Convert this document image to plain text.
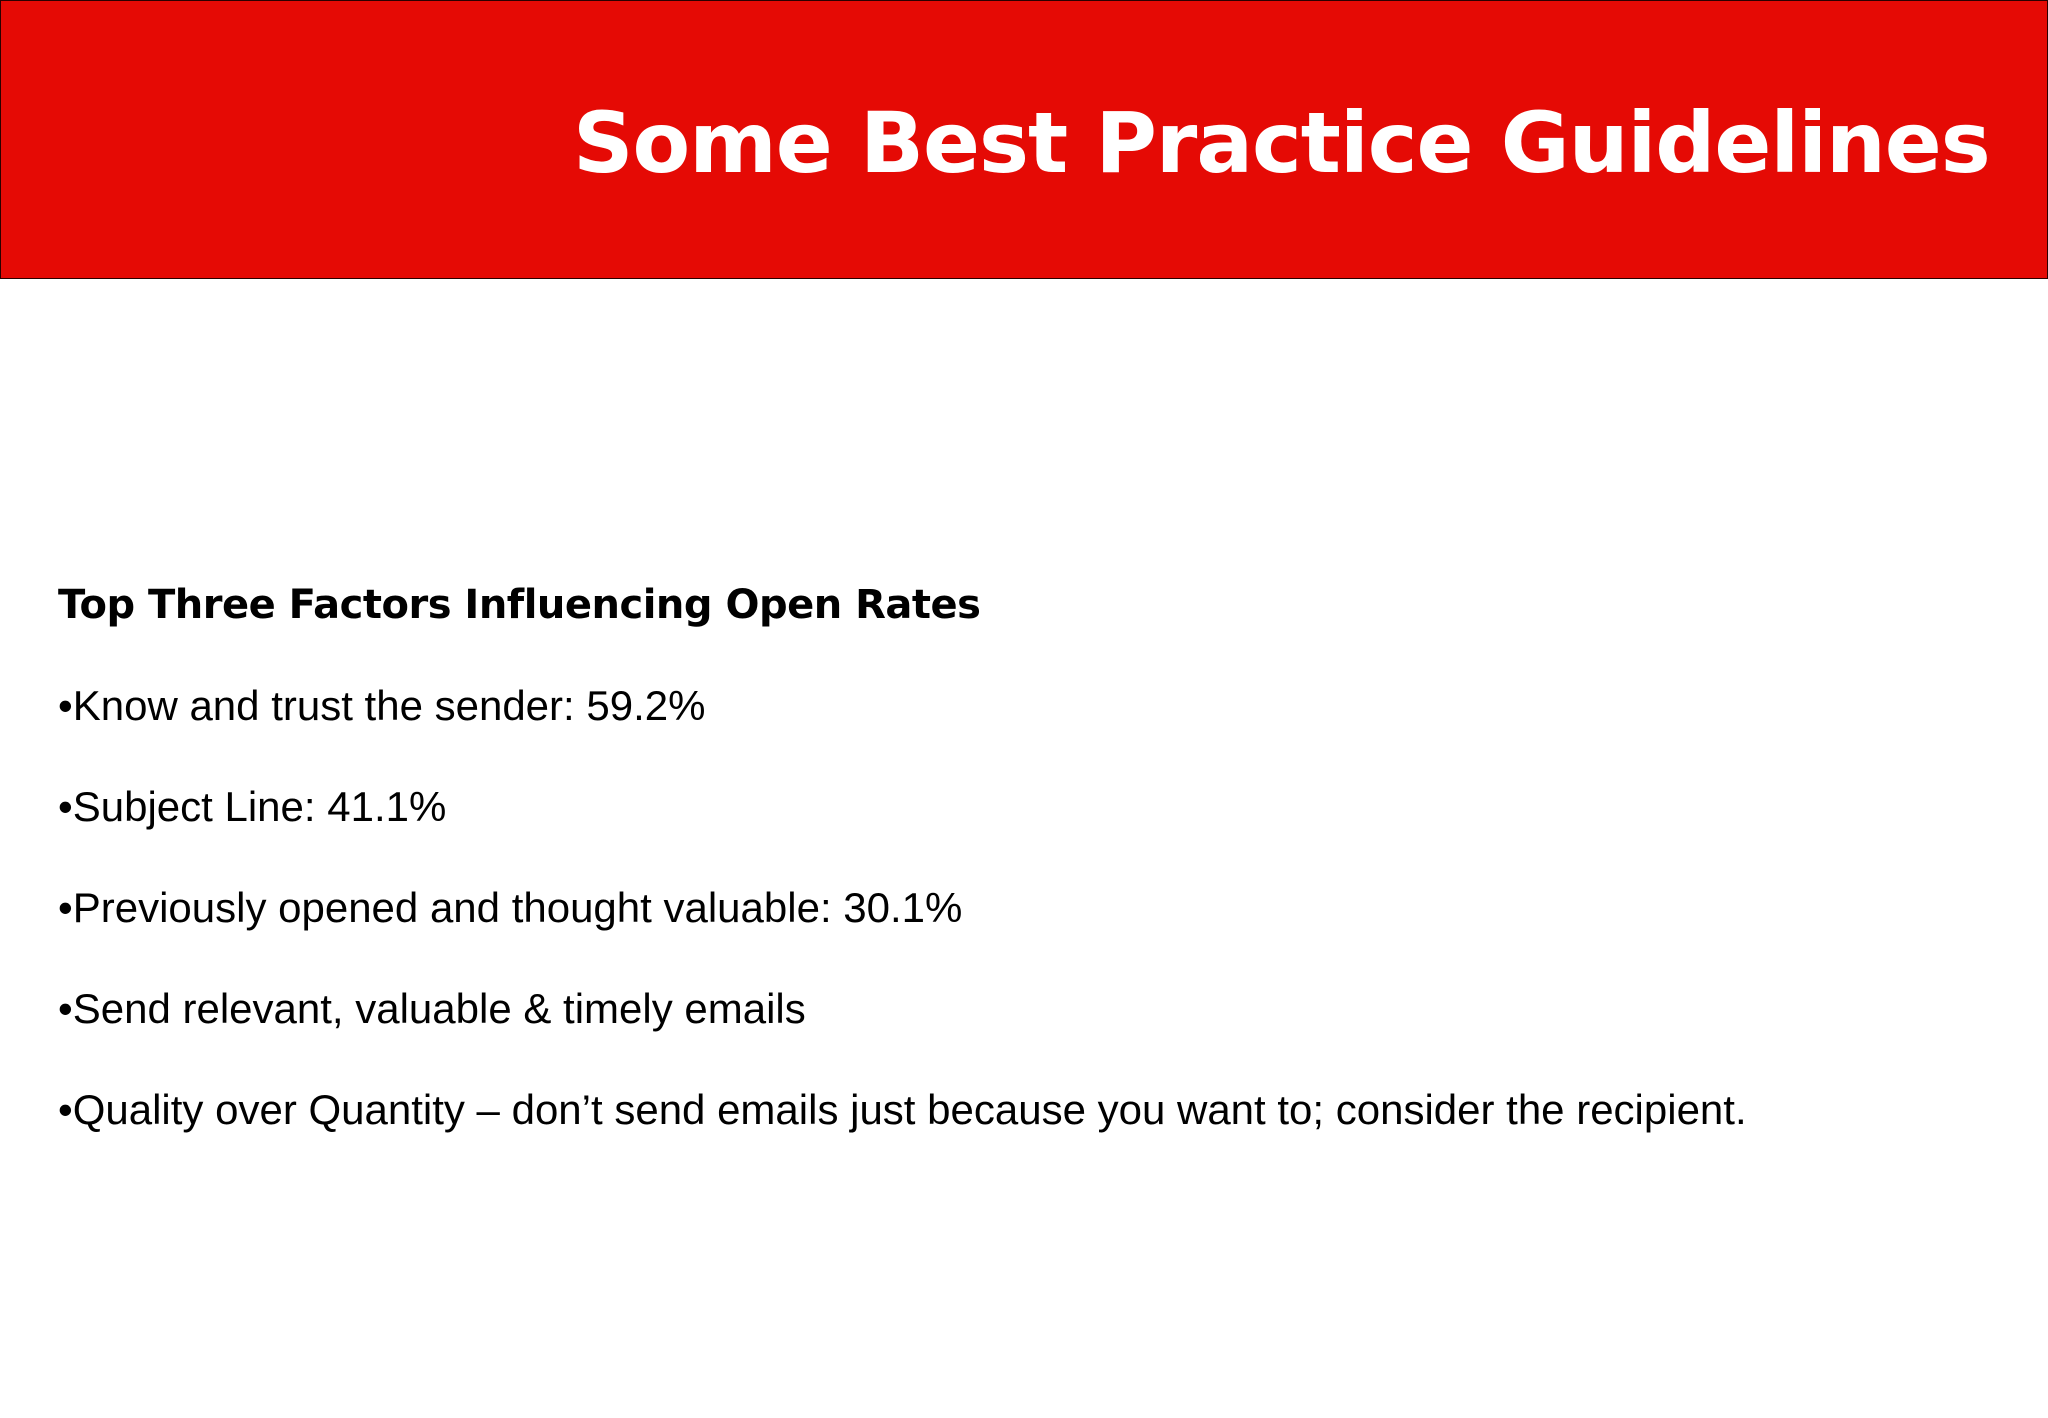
Some Best Practice Guidelines
Top Three Factors Influencing Open Rates
•Know and trust the sender: 59.2%
•Subject Line: 41.1%
•Previously opened and thought valuable: 30.1%
•Send relevant, valuable & timely emails
•Quality over Quantity – don’t send emails just because you want to; consider the recipient.
